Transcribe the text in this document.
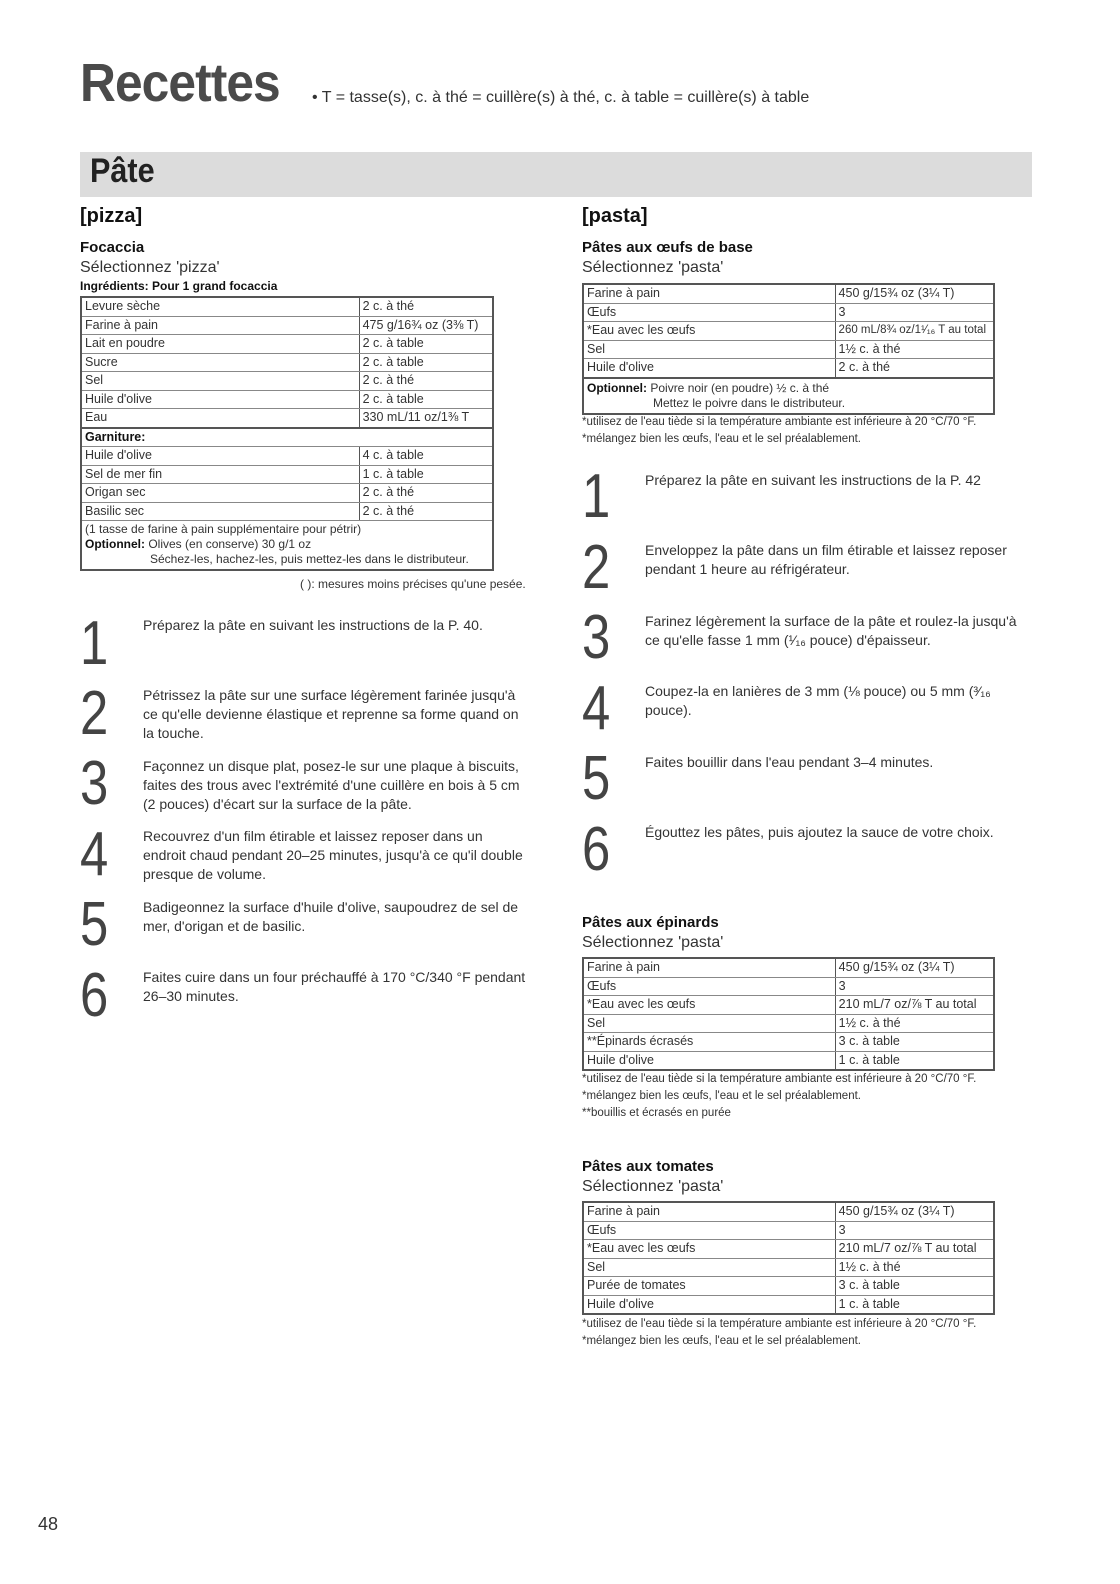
Recettes • T = tasse(s), c. à thé = cuillère(s) à thé, c. à table = cuillère(s) à table
Pâte
[pizza]
Focaccia
Sélectionnez 'pizza'
Ingrédients: Pour 1 grand focaccia
Levure sèche	2 c. à thé
Farine à pain	475 g/16¾ oz (3⅜ T)
Lait en poudre	2 c. à table
Sucre	2 c. à table
Sel	2 c. à thé
Huile d'olive	2 c. à table
Eau	330 mL/11 oz/1⅜ T
Garniture:	
Huile d'olive	4 c. à table
Sel de mer fin	1 c. à table
Origan sec	2 c. à thé
Basilic sec	2 c. à thé

(1 tasse de farine à pain supplémentaire pour pétrir)
Optionnel: Olives (en conserve) 30 g/1 oz
Séchez-les, hachez-les, puis mettez-les dans le distributeur.	
( ): mesures moins précises qu'une pesée.
1 Préparez la pâte en suivant les instructions de la P. 40.
2 Pétrissez la pâte sur une surface légèrement farinée jusqu'à ce qu'elle devienne élastique et reprenne sa forme quand on la touche.
3 Façonnez un disque plat, posez-le sur une plaque à biscuits, faites des trous avec l'extrémité d'une cuillère en bois à 5 cm (2 pouces) d'écart sur la surface de la pâte.
4 Recouvrez d'un film étirable et laissez reposer dans un endroit chaud pendant 20–25 minutes, jusqu'à ce qu'il double presque de volume.
5 Badigeonnez la surface d'huile d'olive, saupoudrez de sel de mer, d'origan et de basilic.
6 Faites cuire dans un four préchauffé à 170 °C/340 °F pendant 26–30 minutes.
[pasta]
Pâtes aux œufs de base
Sélectionnez 'pasta'
Farine à pain	450 g/15¾ oz (3¼ T)
Œufs	3
*Eau avec les œufs	260 mL/8¾ oz/1¹⁄₁₆ T au total
Sel	1½ c. à thé
Huile d'olive	2 c. à thé

Optionnel: Poivre noir (en poudre) ½ c. à thé
Mettez le poivre dans le distributeur.	
*utilisez de l'eau tiède si la température ambiante est inférieure à 20 °C/70 °F.
*mélangez bien les œufs, l'eau et le sel préalablement.
1 Préparez la pâte en suivant les instructions de la P. 42
2 Enveloppez la pâte dans un film étirable et laissez reposer pendant 1 heure au réfrigérateur.
3 Farinez légèrement la surface de la pâte et roulez-la jusqu'à ce qu'elle fasse 1 mm (¹⁄₁₆ pouce) d'épaisseur.
4 Coupez-la en lanières de 3 mm (⅛ pouce) ou 5 mm (³⁄₁₆ pouce).
5 Faites bouillir dans l'eau pendant 3–4 minutes.
6 Égouttez les pâtes, puis ajoutez la sauce de votre choix.
Pâtes aux épinards
Sélectionnez 'pasta'
Farine à pain	450 g/15¾ oz (3¼ T)
Œufs	3
*Eau avec les œufs	210 mL/7 oz/⅞ T au total
Sel	1½ c. à thé
**Épinards écrasés	3 c. à table
Huile d'olive	1 c. à table
*utilisez de l'eau tiède si la température ambiante est inférieure à 20 °C/70 °F.
*mélangez bien les œufs, l'eau et le sel préalablement.
**bouillis et écrasés en purée
Pâtes aux tomates
Sélectionnez 'pasta'
Farine à pain	450 g/15¾ oz (3¼ T)
Œufs	3
*Eau avec les œufs	210 mL/7 oz/⅞ T au total
Sel	1½ c. à thé
Purée de tomates	3 c. à table
Huile d'olive	1 c. à table
*utilisez de l'eau tiède si la température ambiante est inférieure à 20 °C/70 °F.
*mélangez bien les œufs, l'eau et le sel préalablement.
48
